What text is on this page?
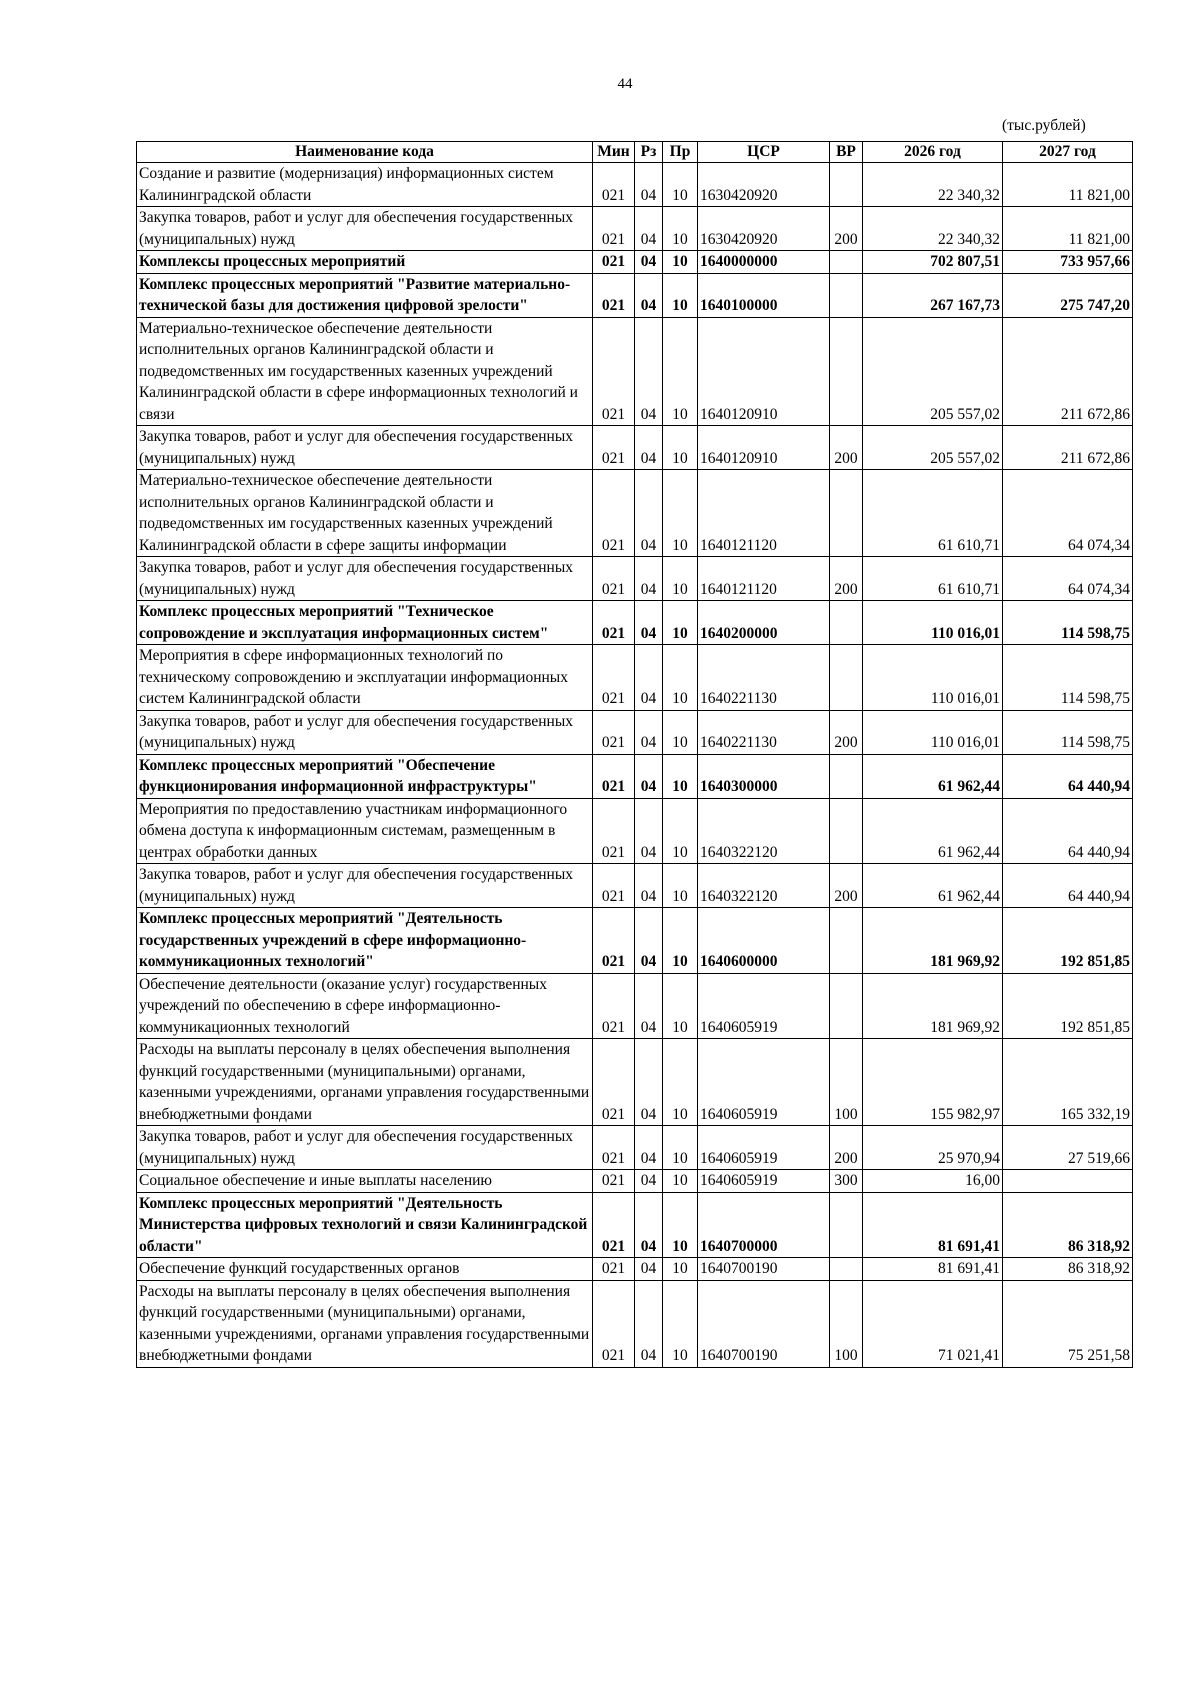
44
(тыс.рублей)
Наименование кода	Мин	Рз	Пр	ЦСР	ВР	2026 год	2027 год
Создание и развитие (модернизация) информационных систем Калининградской области	021	04	10	1630420920		22 340,32	11 821,00
Закупка товаров, работ и услуг для обеспечения государственных (муниципальных) нужд	021	04	10	1630420920	200	22 340,32	11 821,00
Комплексы процессных мероприятий	021	04	10	1640000000		702 807,51	733 957,66
Комплекс процессных мероприятий "Развитие материально-технической базы для достижения цифровой зрелости"	021	04	10	1640100000		267 167,73	275 747,20
Материально-техническое обеспечение деятельности исполнительных органов Калининградской области и подведомственных им государственных казенных учреждений Калининградской области в сфере информационных технологий и связи	021	04	10	1640120910		205 557,02	211 672,86
Закупка товаров, работ и услуг для обеспечения государственных (муниципальных) нужд	021	04	10	1640120910	200	205 557,02	211 672,86
Материально-техническое обеспечение деятельности исполнительных органов Калининградской области и подведомственных им государственных казенных учреждений Калининградской области в сфере защиты информации	021	04	10	1640121120		61 610,71	64 074,34
Закупка товаров, работ и услуг для обеспечения государственных (муниципальных) нужд	021	04	10	1640121120	200	61 610,71	64 074,34
Комплекс процессных мероприятий "Техническое сопровождение и эксплуатация информационных систем"	021	04	10	1640200000		110 016,01	114 598,75
Мероприятия в сфере информационных технологий по техническому сопровождению и эксплуатации информационных систем Калининградской области	021	04	10	1640221130		110 016,01	114 598,75
Закупка товаров, работ и услуг для обеспечения государственных (муниципальных) нужд	021	04	10	1640221130	200	110 016,01	114 598,75
Комплекс процессных мероприятий "Обеспечение функционирования информационной инфраструктуры"	021	04	10	1640300000		61 962,44	64 440,94
Мероприятия по предоставлению участникам информационного обмена доступа к информационным системам, размещенным в центрах обработки данных	021	04	10	1640322120		61 962,44	64 440,94
Закупка товаров, работ и услуг для обеспечения государственных (муниципальных) нужд	021	04	10	1640322120	200	61 962,44	64 440,94
Комплекс процессных мероприятий "Деятельность государственных учреждений в сфере информационно-коммуникационных технологий"	021	04	10	1640600000		181 969,92	192 851,85
Обеспечение деятельности (оказание услуг) государственных учреждений по обеспечению в сфере информационно-коммуникационных технологий	021	04	10	1640605919		181 969,92	192 851,85
Расходы на выплаты персоналу в целях обеспечения выполнения функций государственными (муниципальными) органами, казенными учреждениями, органами управления государственными внебюджетными фондами	021	04	10	1640605919	100	155 982,97	165 332,19
Закупка товаров, работ и услуг для обеспечения государственных (муниципальных) нужд	021	04	10	1640605919	200	25 970,94	27 519,66
Социальное обеспечение и иные выплаты населению	021	04	10	1640605919	300	16,00	
Комплекс процессных мероприятий "Деятельность Министерства цифровых технологий и связи Калининградской области"	021	04	10	1640700000		81 691,41	86 318,92
Обеспечение функций государственных органов	021	04	10	1640700190		81 691,41	86 318,92
Расходы на выплаты персоналу в целях обеспечения выполнения функций государственными (муниципальными) органами, казенными учреждениями, органами управления государственными внебюджетными фондами	021	04	10	1640700190	100	71 021,41	75 251,58
